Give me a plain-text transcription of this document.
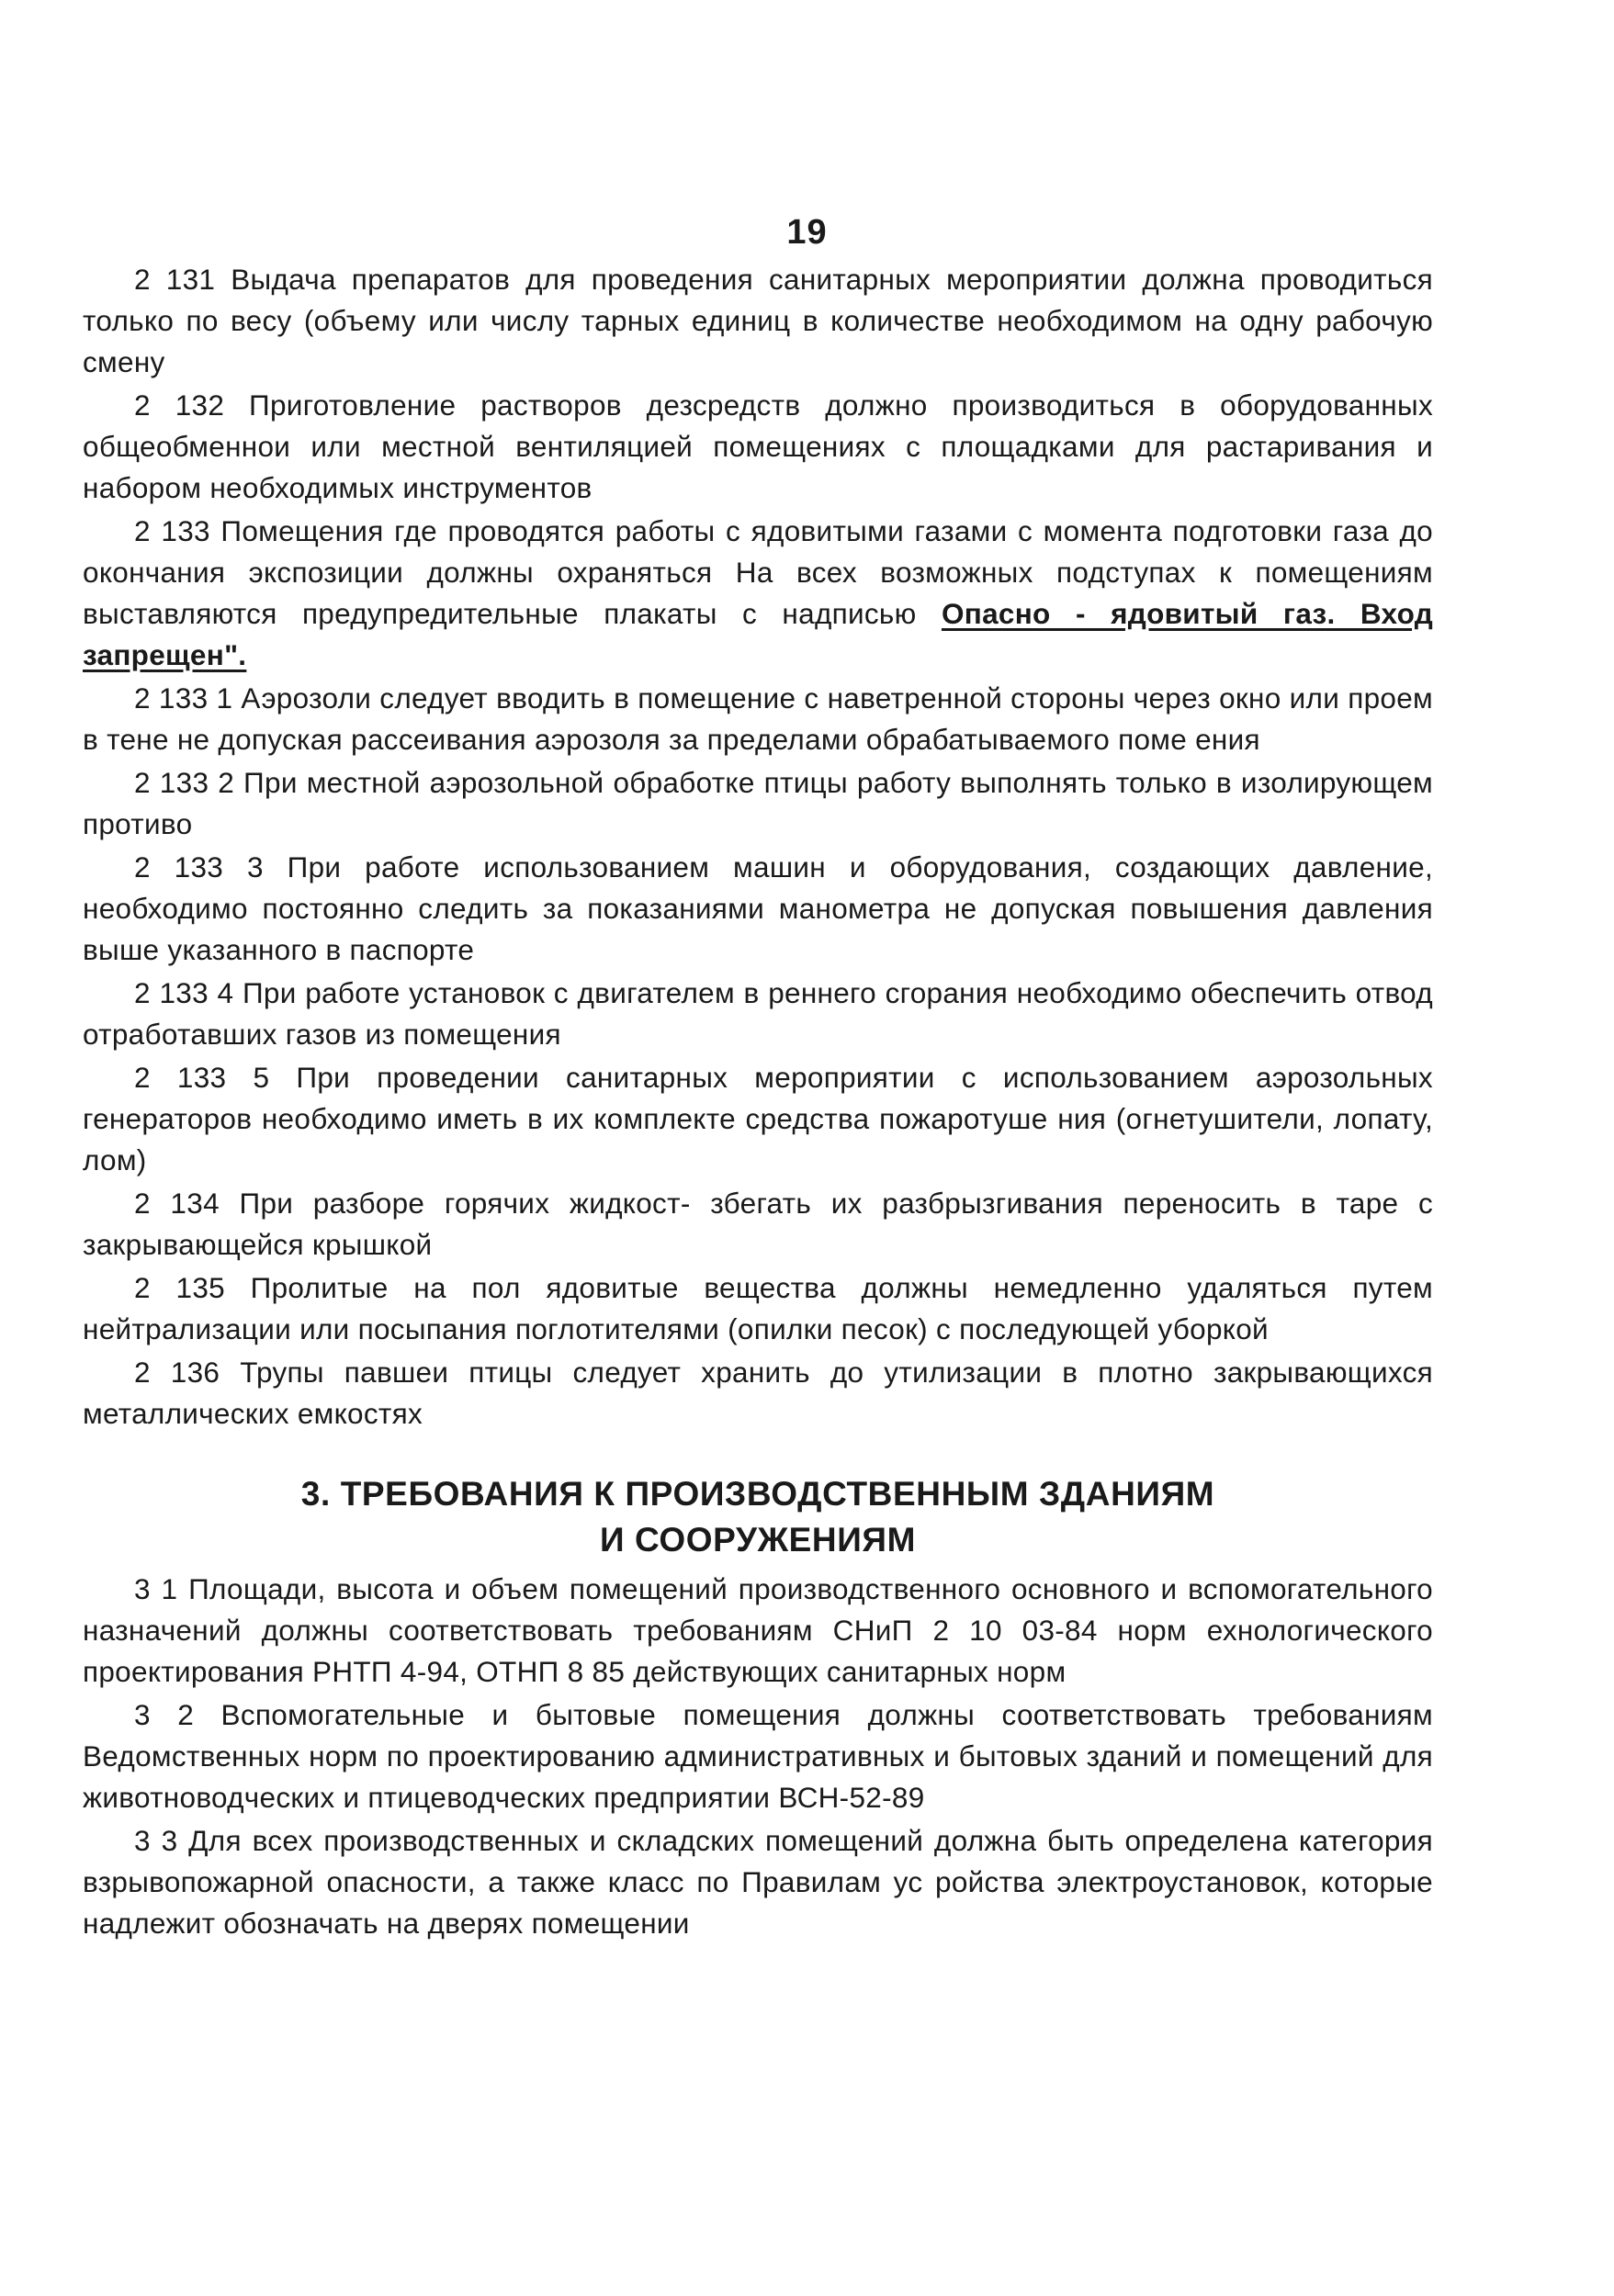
19

2 131 Выдача препаратов для проведения санитарных мероприятии должна проводиться только по весу (объему или числу тарных единиц в количестве необходимом на одну рабочую смену

2 132 Приготовление растворов дезсредств должно производиться в оборудованных общеобменнои или местной вентиляцией помещениях с площадками для растаривания и набором необходимых инструментов

2 133 Помещения где проводятся работы с ядовитыми газами с момента подготовки газа до окончания экспозиции должны охраняться На всех возможных подступах к помещениям выставляются предупредительные плакаты с надписью Опасно - ядовитый газ. Вход запрещен".

2 133 1 Аэрозоли следует вводить в помещение с наветренной стороны через окно или проем в тене не допуская рассеивания аэрозоля за пределами обрабатываемого поме ения

2 133 2 При местной аэрозольной обработке птицы работу выполнять только в изолирующем противо

2 133 3 При работе использованием машин и оборудования, создающих давление, необходимо постоянно следить за показаниями манометра не допуская повышения давления выше указанного в паспорте

2 133 4 При работе установок с двигателем в реннего сгорания необходимо обеспечить отвод отработавших газов из помещения

2 133 5 При проведении санитарных мероприятии с использованием аэрозольных генераторов необходимо иметь в их комплекте средства пожаротуше ния (огнетушители, лопату, лом)

2 134 При разборе горячих жидкост- збегать их разбрызгивания переносить в таре с закрывающейся крышкой

2 135 Пролитые на пол ядовитые вещества должны немедленно удаляться путем нейтрализации или посыпания поглотителями (опилки песок) с последующей уборкой

2 136 Трупы павшеи птицы следует хранить до утилизации в плотно закрывающихся металлических емкостях

3. ТРЕБОВАНИЯ К ПРОИЗВОДСТВЕННЫМ ЗДАНИЯМ
И СООРУЖЕНИЯМ

3 1 Площади, высота и объем помещений производственного основного и вспомогательного назначений должны соответствовать требованиям СНиП 2 10 03-84 норм ехнологического проектирования РНТП 4-94, ОТНП 8 85 действующих санитарных норм

3 2 Вспомогательные и бытовые помещения должны соответствовать требованиям Ведомственных норм по проектированию административных и бытовых зданий и помещений для животноводческих и птицеводческих предприятии ВСН-52-89

3 3 Для всех производственных и складских помещений должна быть определена категория взрывопожарной опасности, а также класс по Правилам ус ройства электроустановок, которые надлежит обозначать на дверях помещении
